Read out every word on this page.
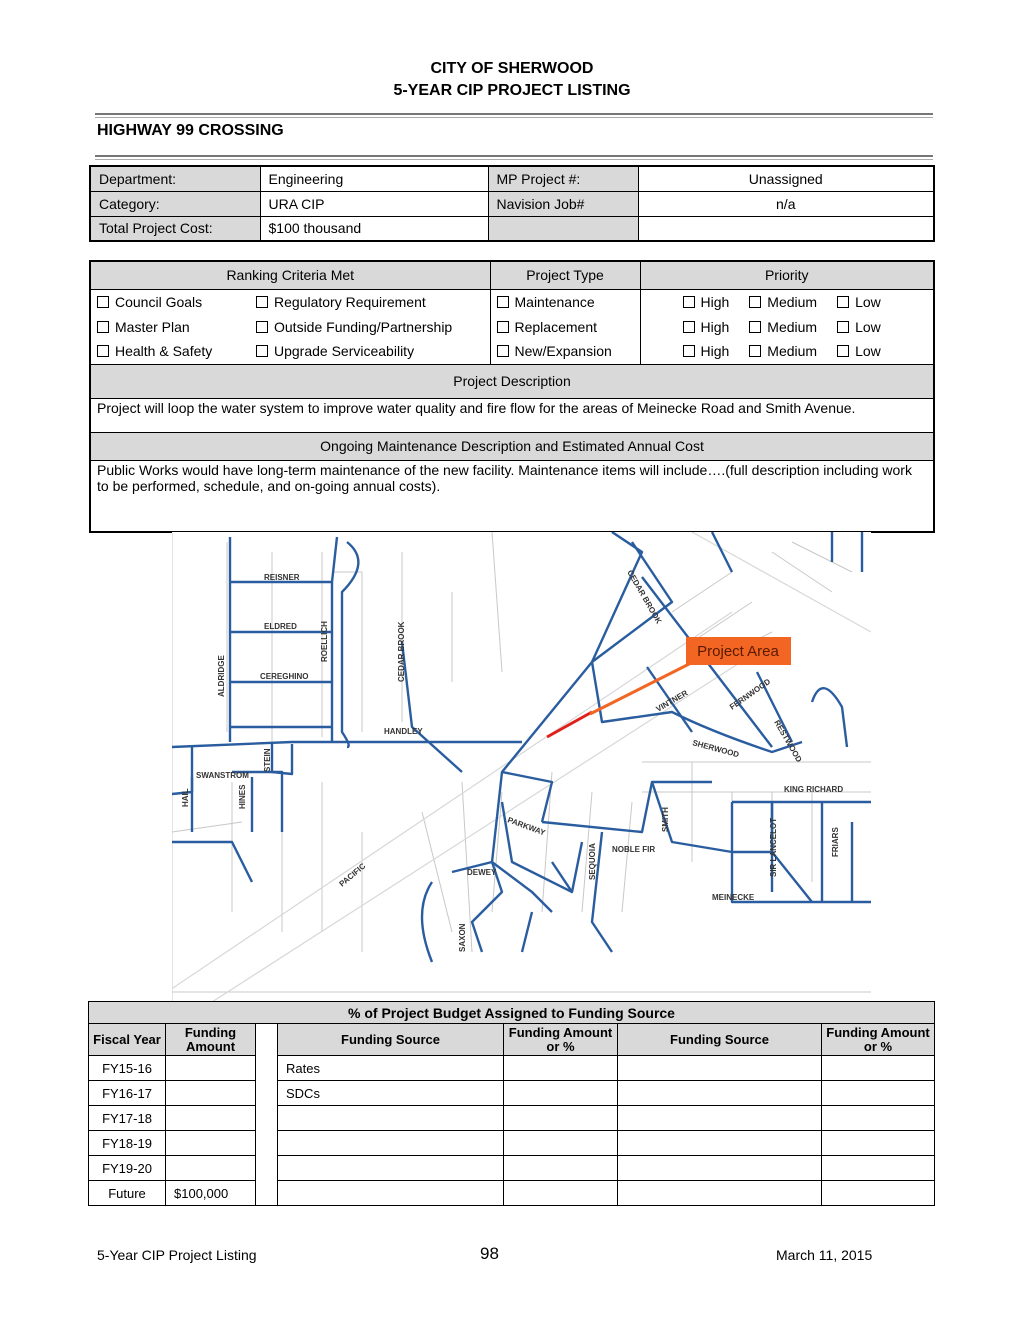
CITY OF SHERWOOD
5-YEAR CIP PROJECT LISTING
HIGHWAY 99 CROSSING
Department:	Engineering	MP Project #:	Unassigned
Category:	URA CIP	Navision Job#	n/a
Total Project Cost:	$100 thousand		
Ranking Criteria Met		Project Type	Priority
Council Goals	Regulatory Requirement	Maintenance	High Medium Low
Master Plan	Outside Funding/Partnership	Replacement	High Medium Low
Health & Safety	Upgrade Serviceability	New/Expansion	High Medium Low
Project Description			
Project will loop the water system to improve water quality and fire flow for the areas of Meinecke Road and Smith Avenue.			
Ongoing Maintenance Description and Estimated Annual Cost			
Public Works would have long-term maintenance of the new facility. Maintenance items will include….(full description including work to be performed, schedule, and on-going annual costs).			
Project Area
REISNER
ELDRED
CEREGHINO
ROELLICH
ALDRIDGE	CEDAR BROOK
CEDAR BROOK
HANDLEY
STEIN
SWANSTROM
HAIL	HINES
PACIFIC
PARKWAY
DEWEY
SAXON
SEQUOIA NOBLE FIR
SMITH
VINTNER	FERNWOOD
RESTWOOD
SHERWOOD
KING RICHARD
SIR LANCELOT	FRIARS
MEINECKE
% of Project Budget Assigned to Funding Source						
Fiscal Year	Funding Amount		Funding Source	Funding Amount or %	Funding Source	Funding Amount or %
FY15-16			Rates			
FY16-17			SDCs			
FY17-18						
FY18-19						
FY19-20						
Future	$100,000					
5-Year CIP Project Listing	98	March 11, 2015
